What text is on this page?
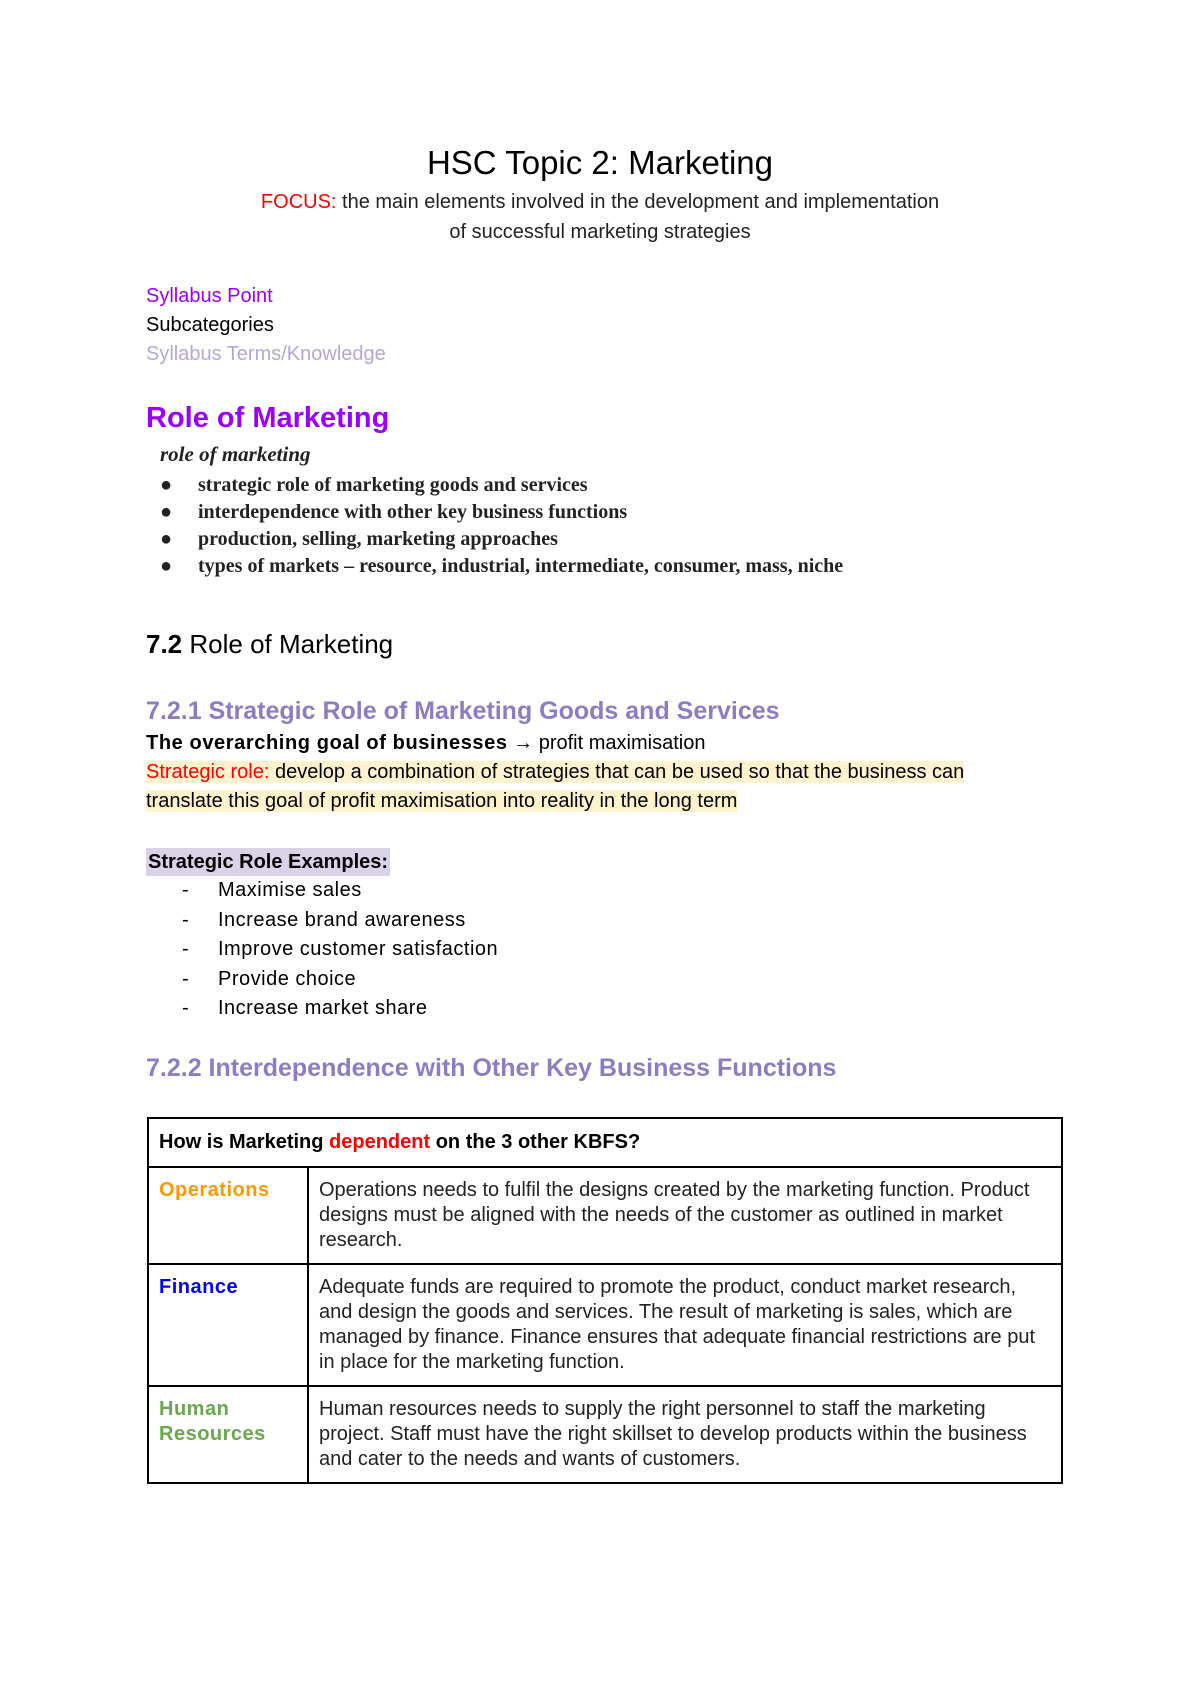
HSC Topic 2: Marketing
FOCUS: the main elements involved in the development and implementation
of successful marketing strategies
Syllabus Point
Subcategories
Syllabus Terms/Knowledge
Role of Marketing
role of marketing
● strategic role of marketing goods and services
● interdependence with other key business functions
● production, selling, marketing approaches
● types of markets – resource, industrial, intermediate, consumer, mass, niche
7.2 Role of Marketing
7.2.1 Strategic Role of Marketing Goods and Services
The overarching goal of businesses → profit maximisation
Strategic role: develop a combination of strategies that can be used so that the business can
translate this goal of profit maximisation into reality in the long term
Strategic Role Examples:
- Maximise sales
- Increase brand awareness
- Improve customer satisfaction
- Provide choice
- Increase market share
7.2.2 Interdependence with Other Key Business Functions
How is Marketing dependent on the 3 other KBFS?	
Operations	Operations needs to fulfil the designs created by the marketing function. Product designs must be aligned with the needs of the customer as outlined in market research.
Finance	Adequate funds are required to promote the product, conduct market research, and design the goods and services. The result of marketing is sales, which are managed by finance. Finance ensures that adequate financial restrictions are put in place for the marketing function.
Human Resources	Human resources needs to supply the right personnel to staff the marketing project. Staff must have the right skillset to develop products within the business and cater to the needs and wants of customers.
